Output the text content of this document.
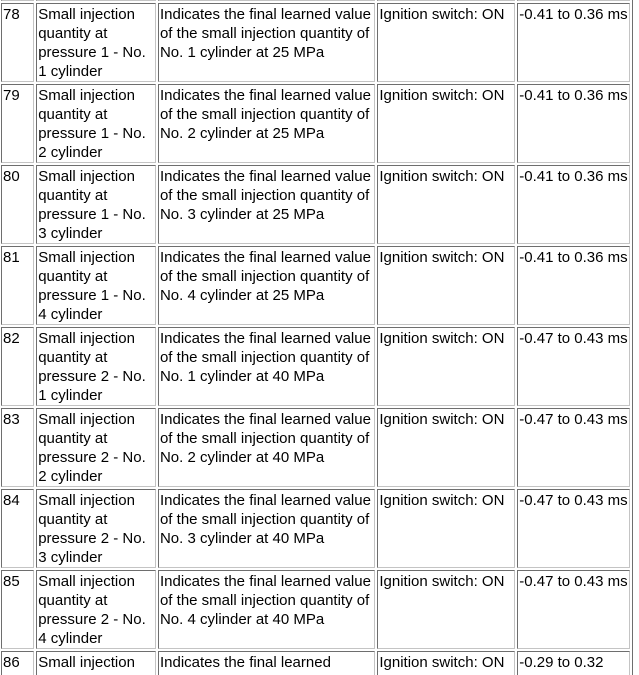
78	Small injection quantity at pressure 1 - No. 1 cylinder	Indicates the final learned value of the small injection quantity of No. 1 cylinder at 25 MPa	Ignition switch: ON	-0.41 to 0.36 ms
79	Small injection quantity at pressure 1 - No. 2 cylinder	Indicates the final learned value of the small injection quantity of No. 2 cylinder at 25 MPa	Ignition switch: ON	-0.41 to 0.36 ms
80	Small injection quantity at pressure 1 - No. 3 cylinder	Indicates the final learned value of the small injection quantity of No. 3 cylinder at 25 MPa	Ignition switch: ON	-0.41 to 0.36 ms
81	Small injection quantity at pressure 1 - No. 4 cylinder	Indicates the final learned value of the small injection quantity of No. 4 cylinder at 25 MPa	Ignition switch: ON	-0.41 to 0.36 ms
82	Small injection quantity at pressure 2 - No. 1 cylinder	Indicates the final learned value of the small injection quantity of No. 1 cylinder at 40 MPa	Ignition switch: ON	-0.47 to 0.43 ms
83	Small injection quantity at pressure 2 - No. 2 cylinder	Indicates the final learned value of the small injection quantity of No. 2 cylinder at 40 MPa	Ignition switch: ON	-0.47 to 0.43 ms
84	Small injection quantity at pressure 2 - No. 3 cylinder	Indicates the final learned value of the small injection quantity of No. 3 cylinder at 40 MPa	Ignition switch: ON	-0.47 to 0.43 ms
85	Small injection quantity at pressure 2 - No. 4 cylinder	Indicates the final learned value of the small injection quantity of No. 4 cylinder at 40 MPa	Ignition switch: ON	-0.47 to 0.43 ms
86	Small injection	Indicates the final learned	Ignition switch: ON	-0.29 to 0.32
